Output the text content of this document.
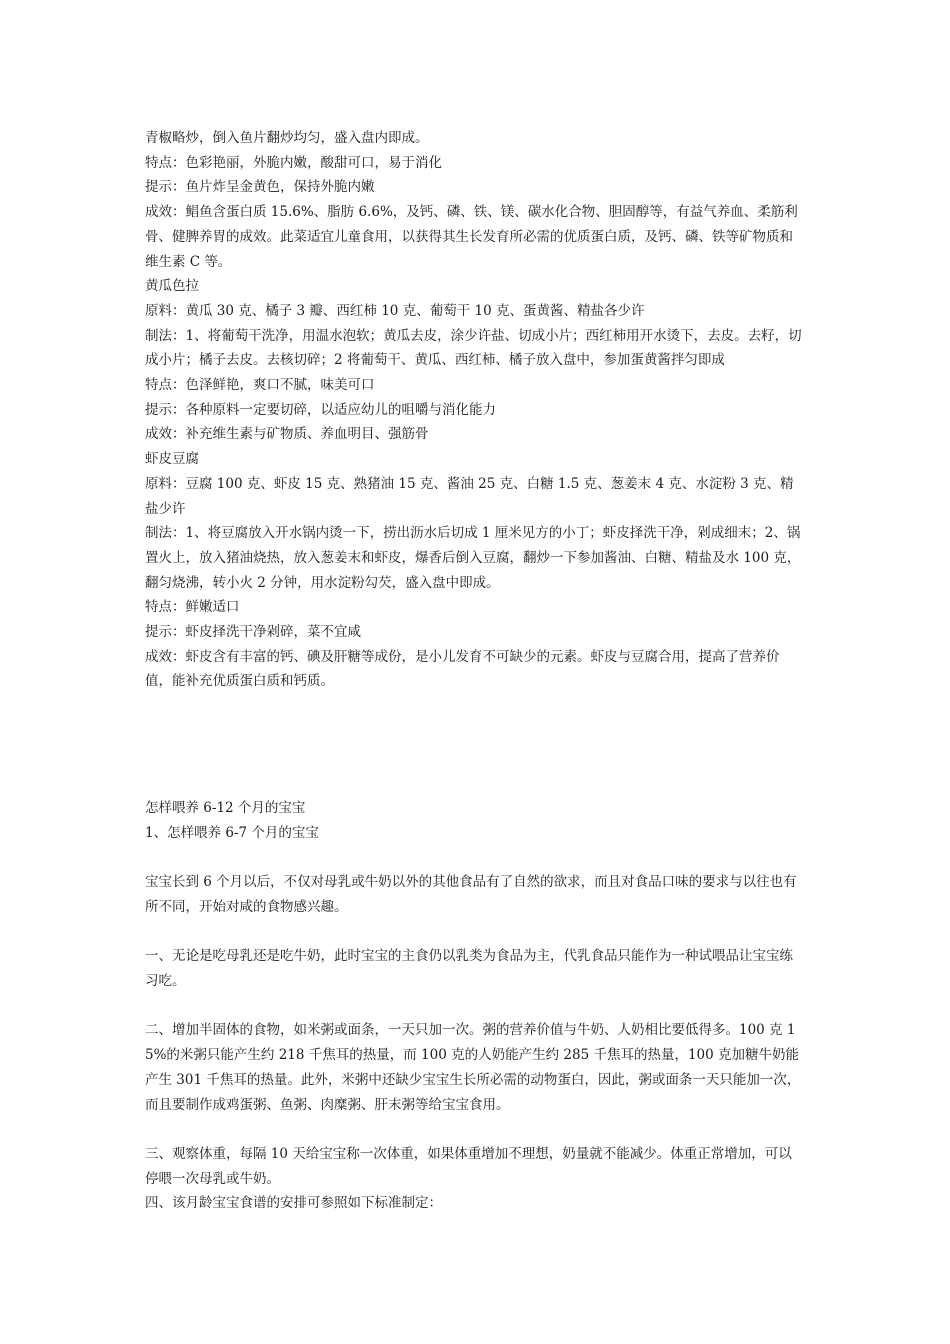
青椒略炒，倒入鱼片翻炒均匀，盛入盘内即成。

特点：色彩艳丽，外脆内嫩，酸甜可口，易于消化

提示：鱼片炸呈金黄色，保持外脆内嫩

成效：鲳鱼含蛋白质 15.6%、脂肪 6.6%，及钙、磷、铁、镁、碳水化合物、胆固醇等，有益气养血、柔筋利骨、健脾养胃的成效。此菜适宜儿童食用，以获得其生长发育所必需的优质蛋白质，及钙、磷、铁等矿物质和维生素 C 等。

黄瓜色拉

原料：黄瓜 30 克、橘子 3 瓣、西红柿 10 克、葡萄干 10 克、蛋黄酱、精盐各少许

制法：1、将葡萄干洗净，用温水泡软；黄瓜去皮，涂少许盐、切成小片；西红柿用开水烫下，去皮。去籽，切成小片；橘子去皮。去核切碎；2 将葡萄干、黄瓜、西红柿、橘子放入盘中，参加蛋黄酱拌匀即成

特点：色泽鲜艳，爽口不腻，味美可口

提示：各种原料一定要切碎，以适应幼儿的咀嚼与消化能力

成效：补充维生素与矿物质、养血明目、强筋骨

虾皮豆腐

原料：豆腐 100 克、虾皮 15 克、熟猪油 15 克、酱油 25 克、白糖 1.5 克、葱姜末 4 克、水淀粉 3 克、精盐少许

制法：1、将豆腐放入开水锅内烫一下，捞出沥水后切成 1 厘米见方的小丁；虾皮择洗干净，剁成细末；2、锅置火上，放入猪油烧热，放入葱姜末和虾皮，爆香后倒入豆腐，翻炒一下参加酱油、白糖、精盐及水 100 克，翻匀烧沸，转小火 2 分钟，用水淀粉勾芡，盛入盘中即成。

特点：鲜嫩适口

提示：虾皮择洗干净剁碎，菜不宜咸

成效：虾皮含有丰富的钙、碘及肝糖等成份，是小儿发育不可缺少的元素。虾皮与豆腐合用，提高了营养价值，能补充优质蛋白质和钙质。

怎样喂养 6-12 个月的宝宝

1、怎样喂养 6-7 个月的宝宝

宝宝长到 6 个月以后，不仅对母乳或牛奶以外的其他食品有了自然的欲求，而且对食品口味的要求与以往也有所不同，开始对咸的食物感兴趣。

一、无论是吃母乳还是吃牛奶，此时宝宝的主食仍以乳类为食品为主，代乳食品只能作为一种试喂品让宝宝练习吃。

二、增加半固体的食物，如米粥或面条，一天只加一次。粥的营养价值与牛奶、人奶相比要低得多。100 克 15%的米粥只能产生约 218 千焦耳的热量，而 100 克的人奶能产生约 285 千焦耳的热量，100 克加糖牛奶能产生 301 千焦耳的热量。此外，米粥中还缺少宝宝生长所必需的动物蛋白，因此，粥或面条一天只能加一次，而且要制作成鸡蛋粥、鱼粥、肉糜粥、肝末粥等给宝宝食用。

三、观察体重，每隔 10 天给宝宝称一次体重，如果体重增加不理想，奶量就不能减少。体重正常增加，可以停喂一次母乳或牛奶。

四、该月龄宝宝食谱的安排可参照如下标准制定：
